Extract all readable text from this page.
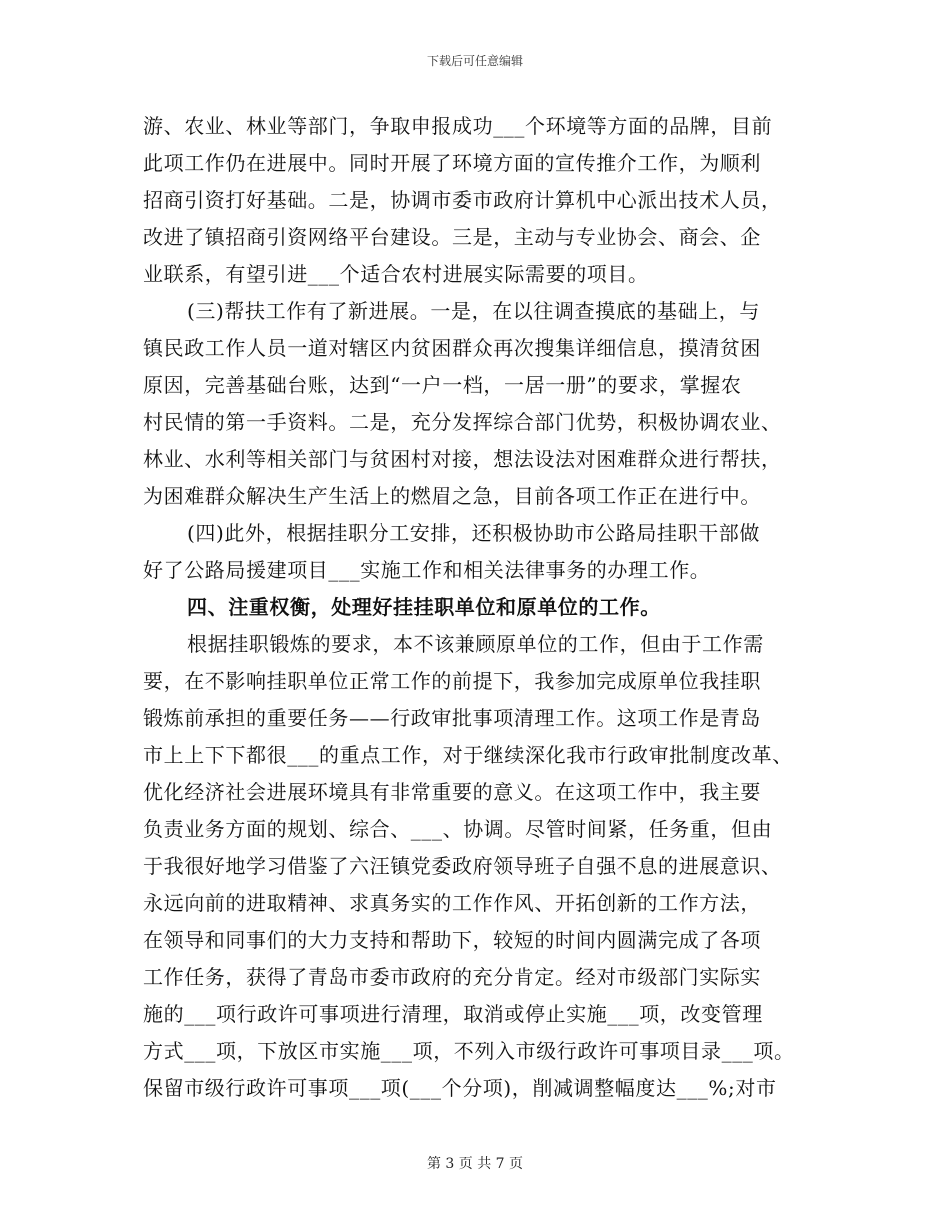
下载后可任意编辑
游、农业、林业等部门，争取申报成功___个环境等方面的品牌，目前
此项工作仍在进展中。同时开展了环境方面的宣传推介工作，为顺利
招商引资打好基础。二是，协调市委市政府计算机中心派出技术人员，
改进了镇招商引资网络平台建设。三是，主动与专业协会、商会、企
业联系，有望引进___个适合农村进展实际需要的项目。
(三)帮扶工作有了新进展。一是，在以往调查摸底的基础上，与
镇民政工作人员一道对辖区内贫困群众再次搜集详细信息，摸清贫困
原因，完善基础台账，达到“一户一档，一居一册”的要求，掌握农
村民情的第一手资料。二是，充分发挥综合部门优势，积极协调农业、
林业、水利等相关部门与贫困村对接，想法设法对困难群众进行帮扶，
为困难群众解决生产生活上的燃眉之急，目前各项工作正在进行中。
(四)此外，根据挂职分工安排，还积极协助市公路局挂职干部做
好了公路局援建项目___实施工作和相关法律事务的办理工作。
四、注重权衡，处理好挂挂职单位和原单位的工作。
根据挂职锻炼的要求，本不该兼顾原单位的工作，但由于工作需
要，在不影响挂职单位正常工作的前提下，我参加完成原单位我挂职
锻炼前承担的重要任务——行政审批事项清理工作。这项工作是青岛
市上上下下都很___的重点工作，对于继续深化我市行政审批制度改革、
优化经济社会进展环境具有非常重要的意义。在这项工作中，我主要
负责业务方面的规划、综合、___、协调。尽管时间紧，任务重，但由
于我很好地学习借鉴了六汪镇党委政府领导班子自强不息的进展意识、
永远向前的进取精神、求真务实的工作作风、开拓创新的工作方法，
在领导和同事们的大力支持和帮助下，较短的时间内圆满完成了各项
工作任务，获得了青岛市委市政府的充分肯定。经对市级部门实际实
施的___项行政许可事项进行清理，取消或停止实施___项，改变管理
方式___项，下放区市实施___项，不列入市级行政许可事项目录___项。
保留市级行政许可事项___项(___个分项)，削减调整幅度达___%;对市
第 3 页 共 7 页
